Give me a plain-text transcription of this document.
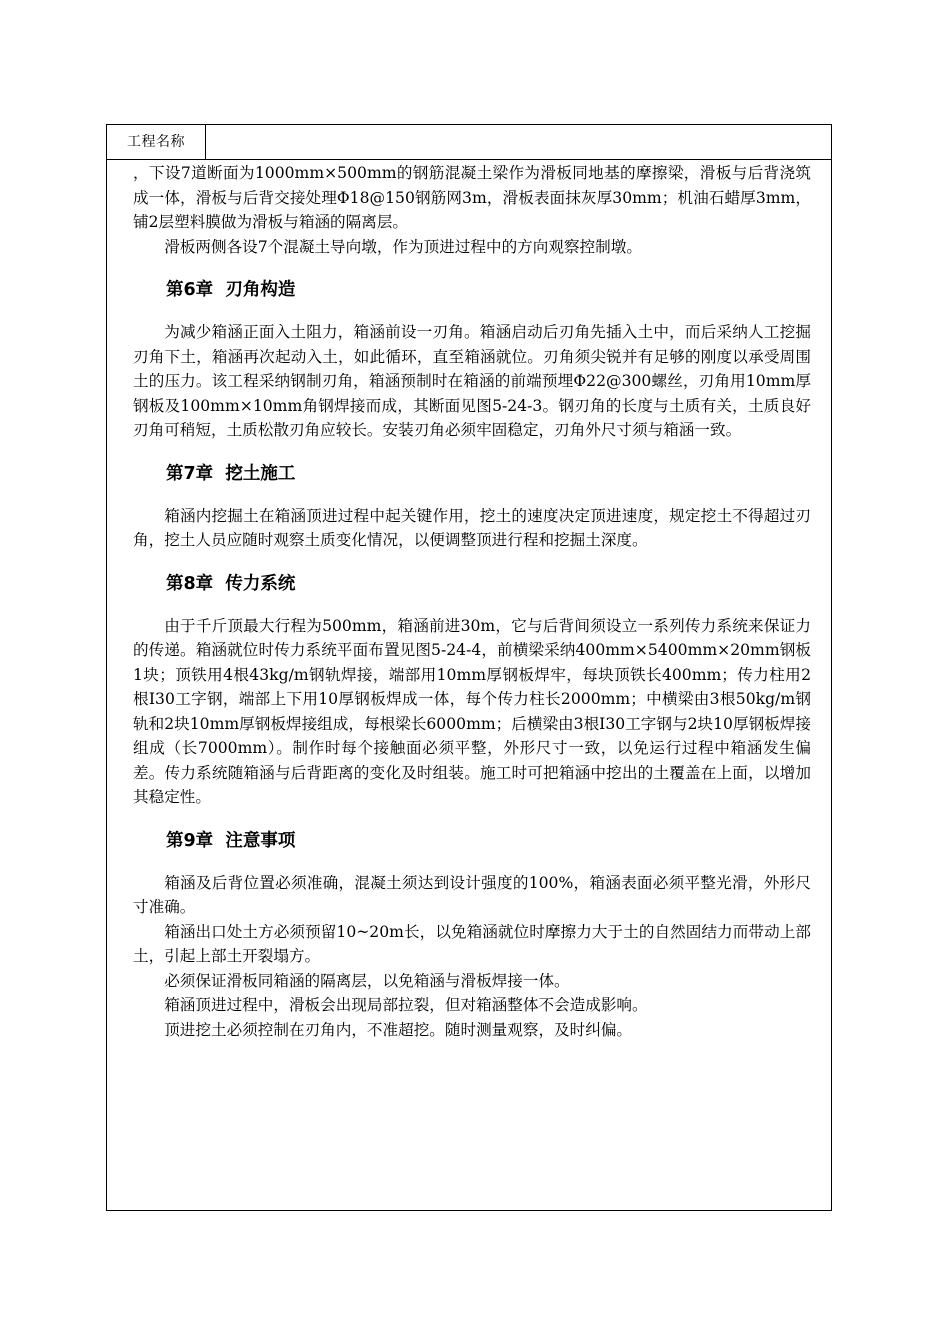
工程名称

，下设7道断面为1000mm×500mm的钢筋混凝土梁作为滑板同地基的摩擦梁，滑板与后背浇筑成一体，滑板与后背交接处理Φ18@150钢筋网3m，滑板表面抹灰厚30mm；机油石蜡厚3mm，铺2层塑料膜做为滑板与箱涵的隔离层。

滑板两侧各设7个混凝土导向墩，作为顶进过程中的方向观察控制墩。

第6章  刃角构造

为减少箱涵正面入土阻力，箱涵前设一刃角。箱涵启动后刃角先插入土中，而后采纳人工挖掘刃角下土，箱涵再次起动入土，如此循环，直至箱涵就位。刃角须尖锐并有足够的刚度以承受周围土的压力。该工程采纳钢制刃角，箱涵预制时在箱涵的前端预埋Φ22@300螺丝，刃角用10mm厚钢板及100mm×10mm角钢焊接而成，其断面见图5-24-3。钢刃角的长度与土质有关，土质良好刃角可稍短，土质松散刃角应较长。安装刃角必须牢固稳定，刃角外尺寸须与箱涵一致。

第7章  挖土施工

箱涵内挖掘土在箱涵顶进过程中起关键作用，挖土的速度决定顶进速度，规定挖土不得超过刃角，挖土人员应随时观察土质变化情况，以便调整顶进行程和挖掘土深度。

第8章  传力系统

由于千斤顶最大行程为500mm，箱涵前进30m，它与后背间须设立一系列传力系统来保证力的传递。箱涵就位时传力系统平面布置见图5-24-4，前横梁采纳400mm×5400mm×20mm钢板1块；顶铁用4根43kg/m钢轨焊接，端部用10mm厚钢板焊牢，每块顶铁长400mm；传力柱用2根I30工字钢，端部上下用10厚钢板焊成一体，每个传力柱长2000mm；中横梁由3根50kg/m钢轨和2块10mm厚钢板焊接组成，每根梁长6000mm；后横梁由3根I30工字钢与2块10厚钢板焊接组成（长7000mm）。制作时每个接触面必须平整，外形尺寸一致，以免运行过程中箱涵发生偏差。传力系统随箱涵与后背距离的变化及时组装。施工时可把箱涵中挖出的土覆盖在上面，以增加其稳定性。

第9章  注意事项

箱涵及后背位置必须准确，混凝土须达到设计强度的100%，箱涵表面必须平整光滑，外形尺寸准确。

箱涵出口处土方必须预留10~20m长，以免箱涵就位时摩擦力大于土的自然固结力而带动上部土，引起上部土开裂塌方。

必须保证滑板同箱涵的隔离层，以免箱涵与滑板焊接一体。

箱涵顶进过程中，滑板会出现局部拉裂，但对箱涵整体不会造成影响。

顶进挖土必须控制在刃角内，不准超挖。随时测量观察，及时纠偏。
